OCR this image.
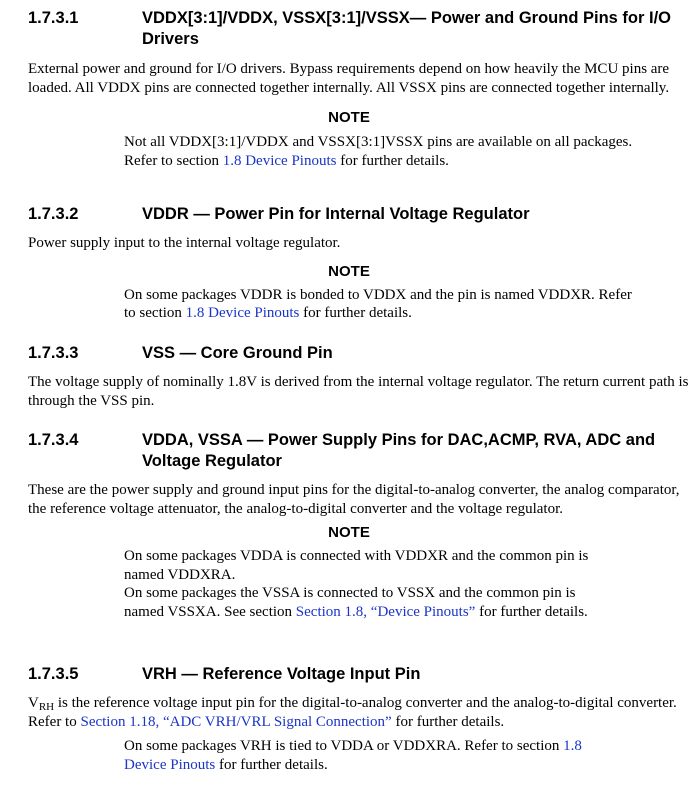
1.7.3.1	VDDX[3:1]/VDDX, VSSX[3:1]/VSSX— Power and Ground Pins for I/O Drivers
External power and ground for I/O drivers. Bypass requirements depend on how heavily the MCU pins are loaded. All VDDX pins are connected together internally. All VSSX pins are connected together internally.
NOTE
Not all VDDX[3:1]/VDDX and VSSX[3:1]VSSX pins are available on all packages. Refer to section 1.8 Device Pinouts for further details.
1.7.3.2	VDDR — Power Pin for Internal Voltage Regulator
Power supply input to the internal voltage regulator.
NOTE
On some packages VDDR is bonded to VDDX and the pin is named VDDXR. Refer to section 1.8 Device Pinouts for further details.
1.7.3.3	VSS — Core Ground Pin
The voltage supply of nominally 1.8V is derived from the internal voltage regulator. The return current path is through the VSS pin.
1.7.3.4	VDDA, VSSA — Power Supply Pins for DAC,ACMP, RVA, ADC and Voltage Regulator
These are the power supply and ground input pins for the digital-to-analog converter, the analog comparator, the reference voltage attenuator, the analog-to-digital converter and the voltage regulator.
NOTE
On some packages VDDA is connected with VDDXR and the common pin is named VDDXRA.
On some packages the VSSA is connected to VSSX and the common pin is named VSSXA. See section Section 1.8, “Device Pinouts” for further details.
1.7.3.5	VRH — Reference Voltage Input Pin
$V_{RH}$ is the reference voltage input pin for the digital-to-analog converter and the analog-to-digital converter. Refer to Section 1.18, “ADC VRH/VRL Signal Connection” for further details.
On some packages VRH is tied to VDDA or VDDXRA. Refer to section 1.8 Device Pinouts for further details.
